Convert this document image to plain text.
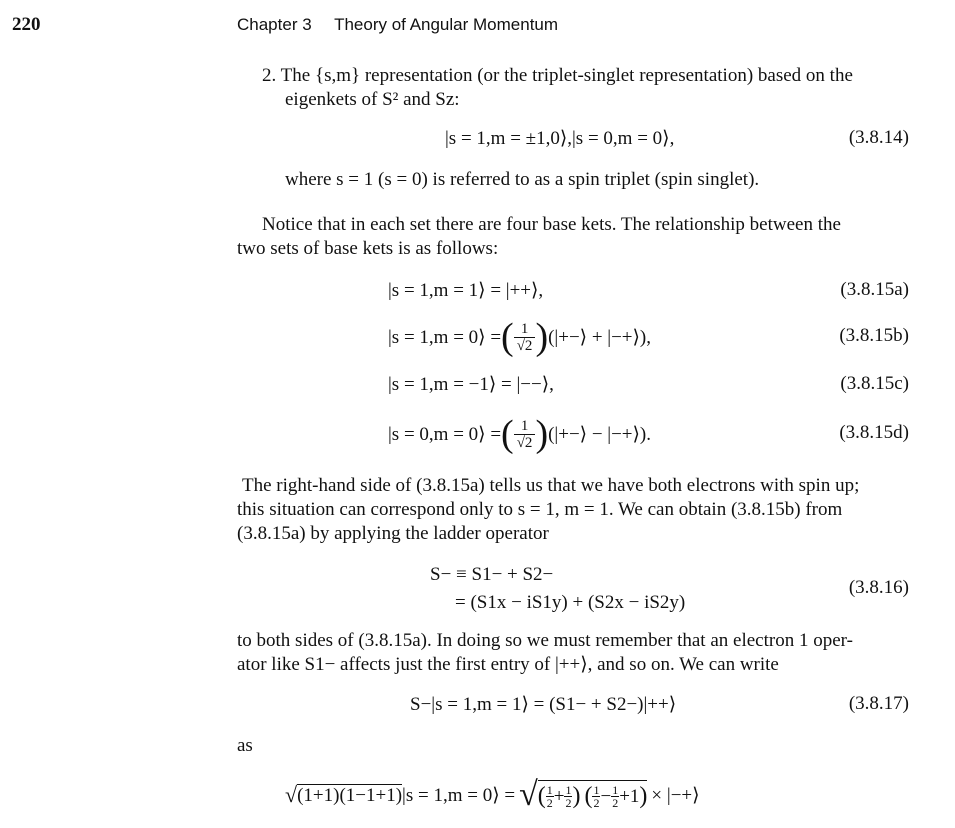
220	Chapter 3 Theory of Angular Momentum
2. The {s,m} representation (or the triplet-singlet representation) based on the
eigenkets of S² and Sz:
|s = 1,m = ±1,0⟩,|s = 0,m = 0⟩,	(3.8.14)
where s = 1 (s = 0) is referred to as a spin triplet (spin singlet).
Notice that in each set there are four base kets. The relationship between the
two sets of base kets is as follows:
|s = 1,m = 1⟩ = |++⟩,	(3.8.15a)
|s = 1,m = 0⟩ = ( $\frac{1}{√2}$ ) (|+−⟩ + |−+⟩),	(3.8.15b)
|s = 1,m = −1⟩ = |−−⟩,	(3.8.15c)
|s = 0,m = 0⟩ = ( $\frac{1}{√2}$ ) (|+−⟩ − |−+⟩).	(3.8.15d)
The right-hand side of (3.8.15a) tells us that we have both electrons with spin up;
this situation can correspond only to s = 1, m = 1. We can obtain (3.8.15b) from
(3.8.15a) by applying the ladder operator
S− ≡ S1− + S2−
= (S1x − iS1y) + (S2x − iS2y)
(3.8.16)
to both sides of (3.8.15a). In doing so we must remember that an electron 1 oper-
ator like S1− affects just the first entry of |++⟩, and so on. We can write
S−|s = 1,m = 1⟩ = (S1− + S2−)|++⟩	(3.8.17)
as
√ (1+1)(1−1+1) |s = 1,m = 0⟩ = √ ( $\frac{1}{2} + \frac{1}{2}$ ) ( $\frac{1}{2} - \frac{1}{2} +1$ ) × |−+⟩
